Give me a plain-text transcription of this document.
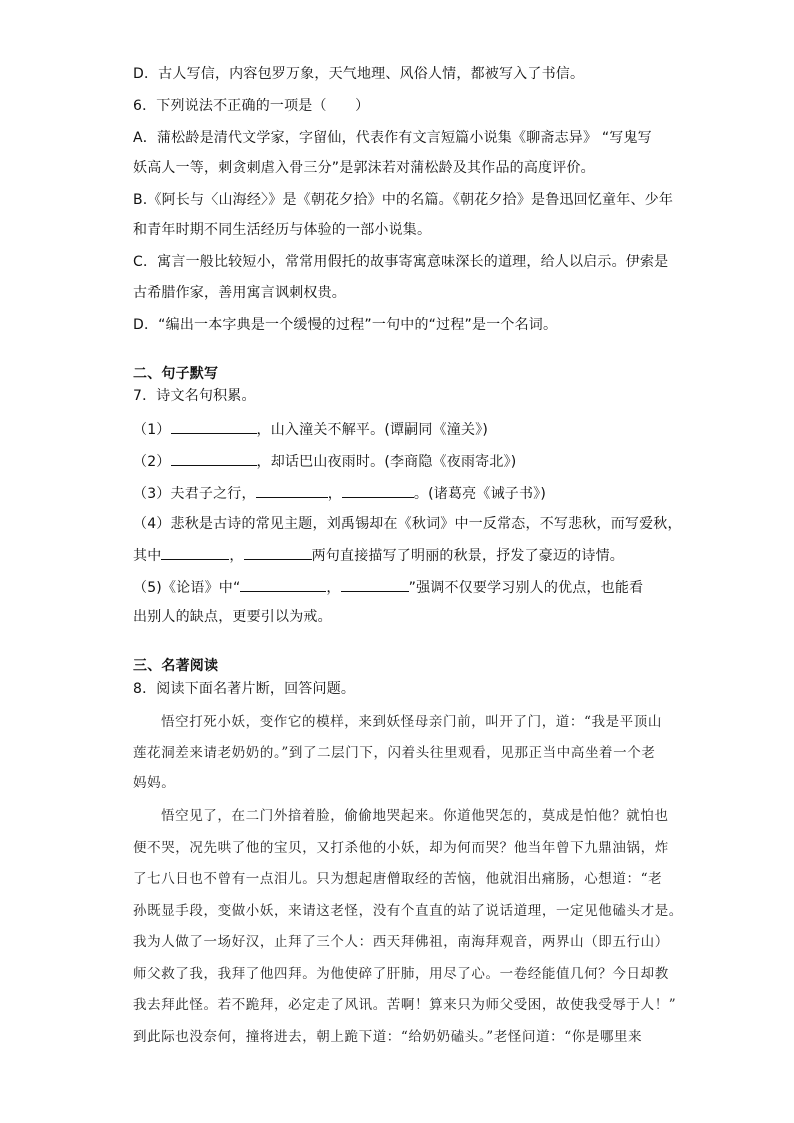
D．古人写信，内容包罗万象，天气地理、风俗人情，都被写入了书信。
6．下列说法不正确的一项是（　　）
A．蒲松龄是清代文学家，字留仙，代表作有文言短篇小说集《聊斋志异》 “写鬼写
妖高人一等，刺贪刺虐入骨三分”是郭沫若对蒲松龄及其作品的高度评价。
B.《阿长与〈山海经〉》是《朝花夕拾》中的名篇。《朝花夕拾》是鲁迅回忆童年、少年
和青年时期不同生活经历与体验的一部小说集。
C．寓言一般比较短小，常常用假托的故事寄寓意味深长的道理，给人以启示。伊索是
古希腊作家，善用寓言讽刺权贵。
D．“编出一本字典是一个缓慢的过程”一句中的“过程”是一个名词。
二、句子默写
7．诗文名句积累。
（1）	，山入潼关不解平。(谭嗣同《潼关》)
（2）	，却话巴山夜雨时。(李商隐《夜雨寄北》)
（3）夫君子之行，	，	。(诸葛亮《诫子书》)
（4）悲秋是古诗的常见主题，刘禹锡却在《秋词》中一反常态，不写悲秋，而写爱秋，
其中	，	两句直接描写了明丽的秋景，抒发了豪迈的诗情。
（5)《论语》中“	，	”强调不仅要学习别人的优点，也能看
出别人的缺点，更要引以为戒。
三、名著阅读
8．阅读下面名著片断，回答问题。
悟空打死小妖，变作它的模样，来到妖怪母亲门前，叫开了门，道：“我是平顶山
莲花洞差来请老奶奶的。”到了二层门下，闪着头往里观看，见那正当中高坐着一个老
妈妈。
悟空见了，在二门外揞着脸，偷偷地哭起来。你道他哭怎的，莫成是怕他？就怕也
便不哭，况先哄了他的宝贝，又打杀他的小妖，却为何而哭？他当年曾下九鼎油锅，炸
了七八日也不曾有一点泪儿。只为想起唐僧取经的苦恼，他就泪出痛肠，心想道：“老
孙既显手段，变做小妖，来请这老怪，没有个直直的站了说话道理，一定见他磕头才是。
我为人做了一场好汉，止拜了三个人：西天拜佛祖，南海拜观音，两界山（即五行山）
师父救了我，我拜了他四拜。为他使碎了肝肺，用尽了心。一卷经能值几何？今日却教
我去拜此怪。若不跪拜，必定走了风讯。苦啊！算来只为师父受困，故使我受辱于人！”
到此际也没奈何，撞将进去，朝上跪下道：“给奶奶磕头。”老怪问道：“你是哪里来
